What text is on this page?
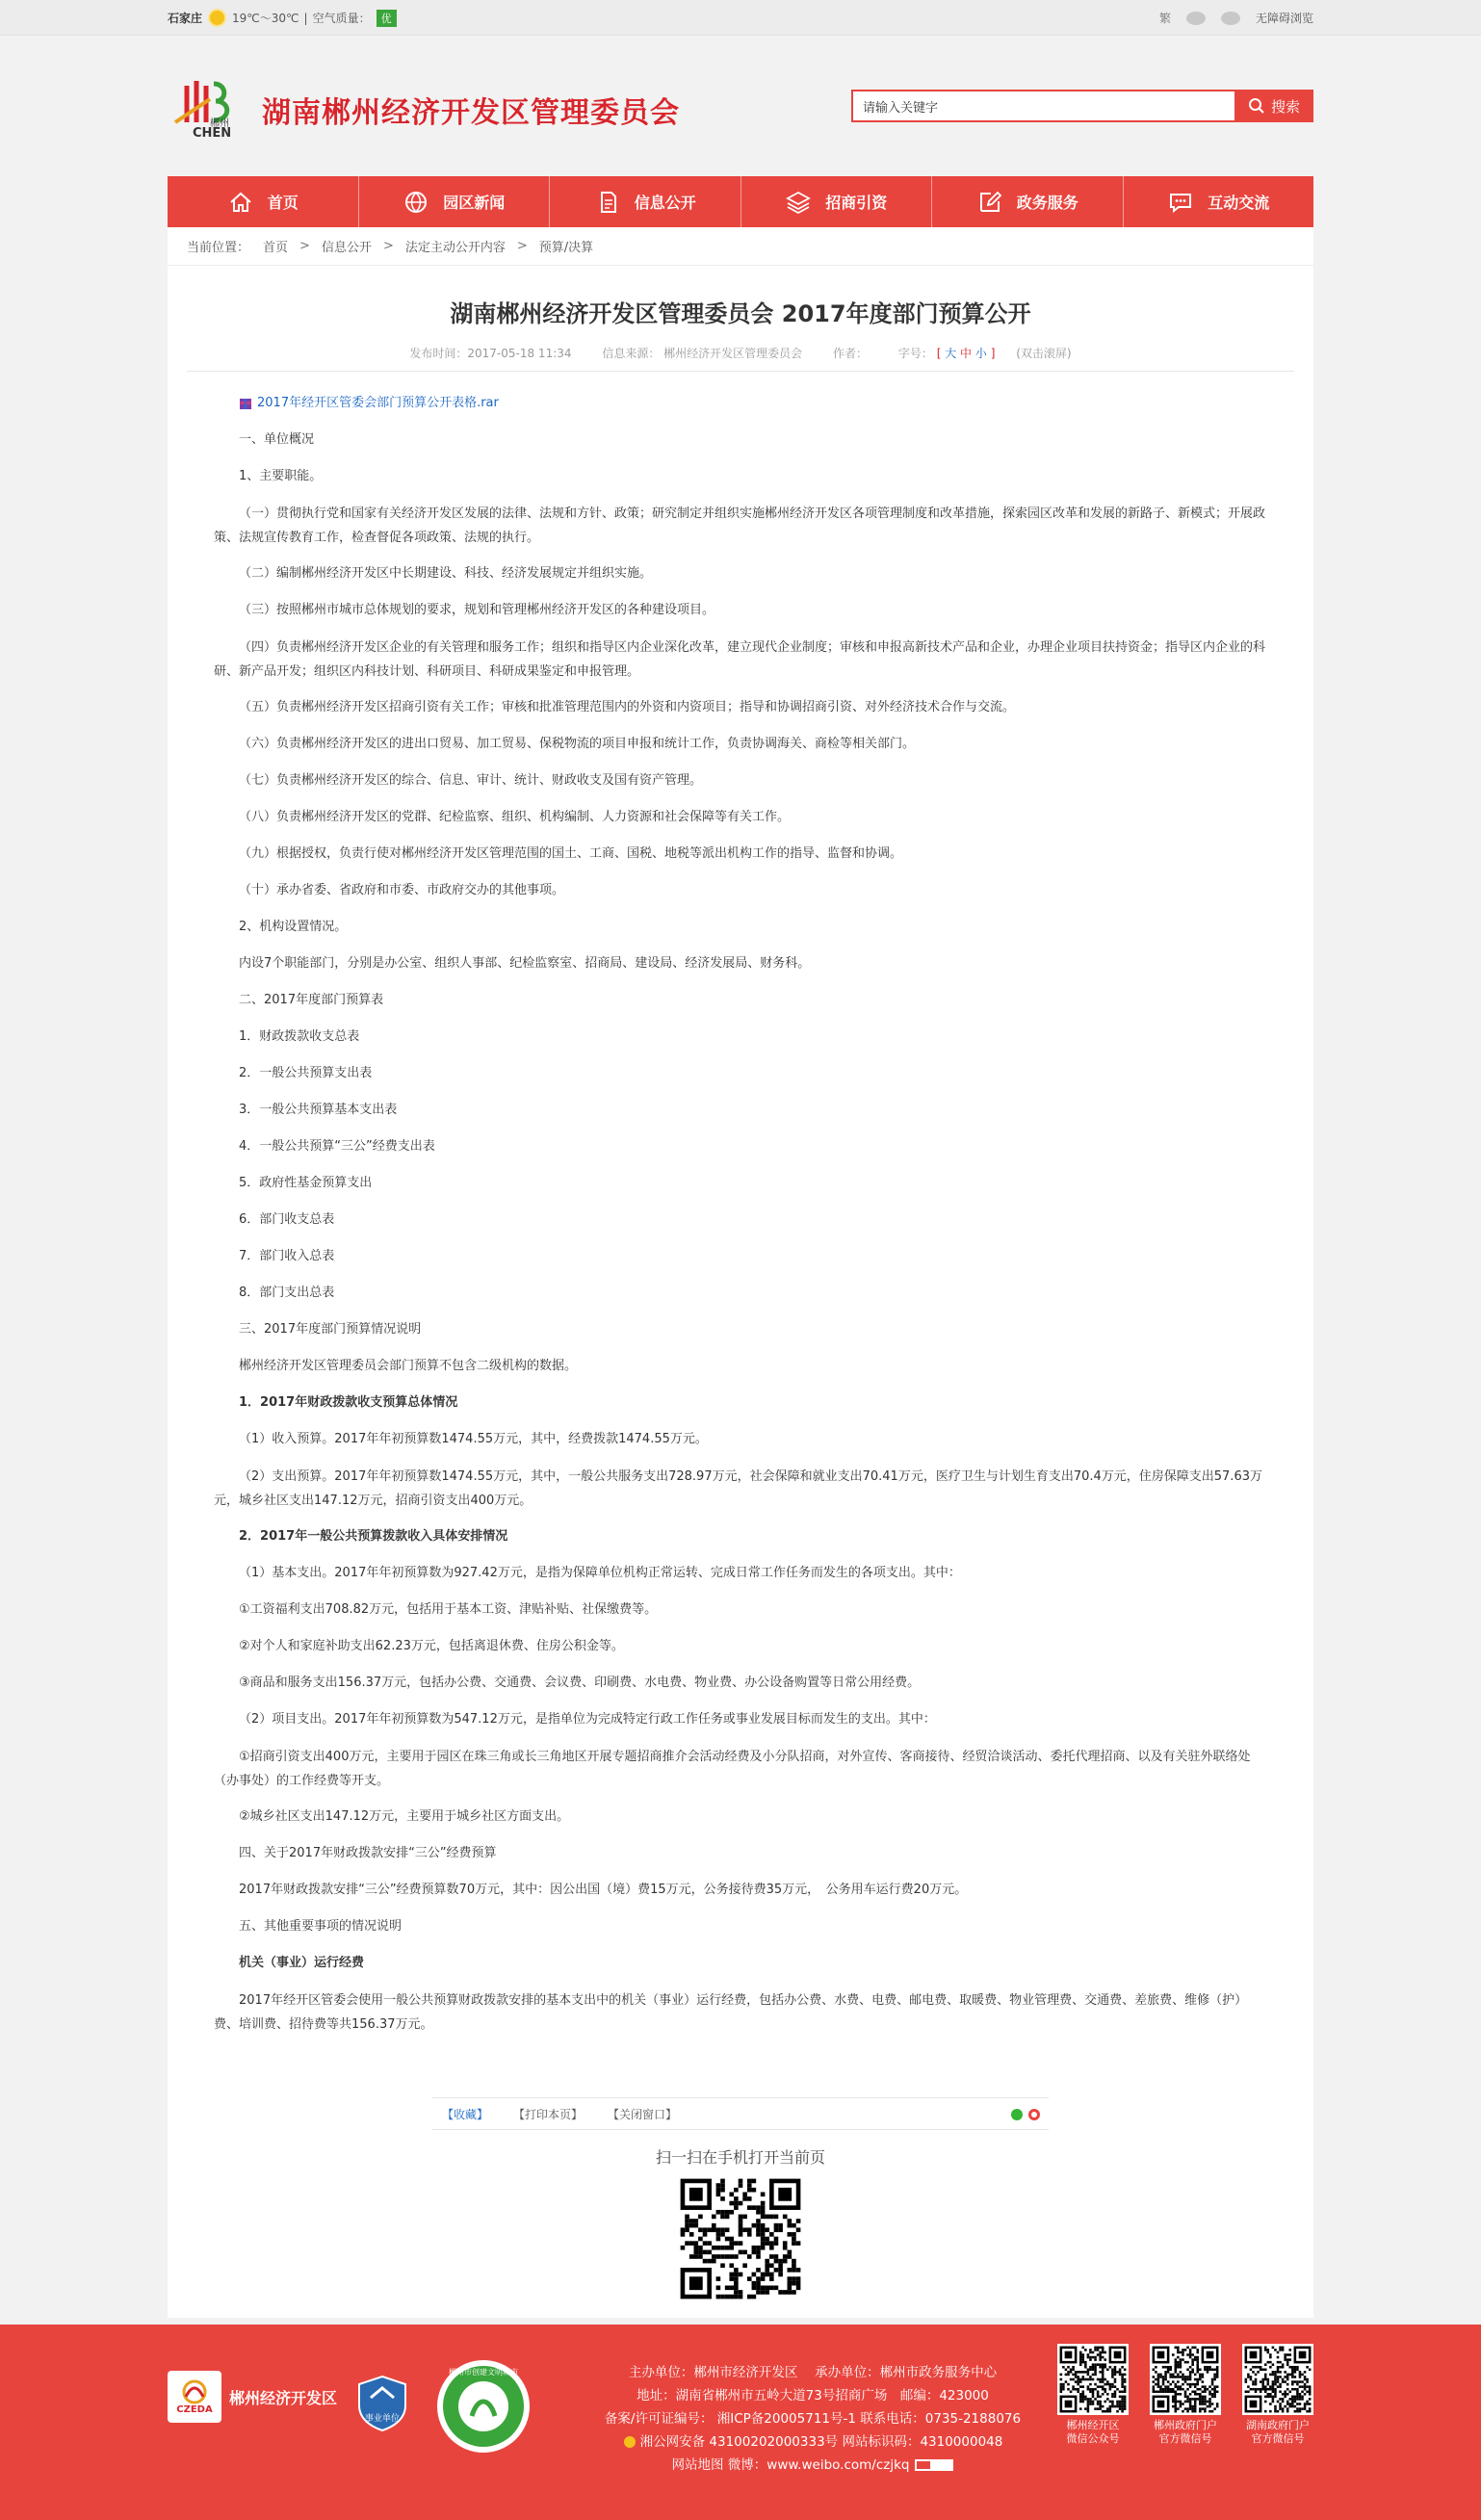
石家庄	19℃～30℃ | 空气质量：	优	繁	无障碍浏览
郴州
CHEN
湖南郴州经济开发区管理委员会
请输入关键字	搜索
首页	园区新闻	信息公开	招商引资	政务服务	互动交流
当前位置： 首页 > 信息公开 > 法定主动公开内容 > 预算/决算
湖南郴州经济开发区管理委员会 2017年度部门预算公开
发布时间：2017-05-18 11:34	信息来源： 郴州经济开发区管理委员会	作者：	字号： [ 大 中 小 ] (双击滚屏)

2017年经开区管委会部门预算公开表格.rar

一、单位概况

1、主要职能。

（一）贯彻执行党和国家有关经济开发区发展的法律、法规和方针、政策；研究制定并组织实施郴州经济开发区各项管理制度和改革措施，探索园区改革和发展的新路子、新模式；开展政策、法规宣传教育工作，检查督促各项政策、法规的执行。

（二）编制郴州经济开发区中长期建设、科技、经济发展规定并组织实施。

（三）按照郴州市城市总体规划的要求，规划和管理郴州经济开发区的各种建设项目。

（四）负责郴州经济开发区企业的有关管理和服务工作；组织和指导区内企业深化改革，建立现代企业制度；审核和申报高新技术产品和企业，办理企业项目扶持资金；指导区内企业的科研、新产品开发；组织区内科技计划、科研项目、科研成果鉴定和申报管理。

（五）负责郴州经济开发区招商引资有关工作；审核和批准管理范围内的外资和内资项目；指导和协调招商引资、对外经济技术合作与交流。

（六）负责郴州经济开发区的进出口贸易、加工贸易、保税物流的项目申报和统计工作，负责协调海关、商检等相关部门。

（七）负责郴州经济开发区的综合、信息、审计、统计、财政收支及国有资产管理。

（八）负责郴州经济开发区的党群、纪检监察、组织、机构编制、人力资源和社会保障等有关工作。

（九）根据授权，负责行使对郴州经济开发区管理范围的国土、工商、国税、地税等派出机构工作的指导、监督和协调。

（十）承办省委、省政府和市委、市政府交办的其他事项。

2、机构设置情况。

内设7个职能部门，分别是办公室、组织人事部、纪检监察室、招商局、建设局、经济发展局、财务科。

二、2017年度部门预算表

1．财政拨款收支总表

2．一般公共预算支出表

3．一般公共预算基本支出表

4．一般公共预算“三公”经费支出表

5．政府性基金预算支出

6．部门收支总表

7．部门收入总表

8．部门支出总表

三、2017年度部门预算情况说明

郴州经济开发区管理委员会部门预算不包含二级机构的数据。

1．2017年财政拨款收支预算总体情况

（1）收入预算。2017年年初预算数1474.55万元，其中，经费拨款1474.55万元。

（2）支出预算。2017年年初预算数1474.55万元，其中，一般公共服务支出728.97万元，社会保障和就业支出70.41万元，医疗卫生与计划生育支出70.4万元，住房保障支出57.63万元，城乡社区支出147.12万元，招商引资支出400万元。

2．2017年一般公共预算拨款收入具体安排情况

（1）基本支出。2017年年初预算数为927.42万元，是指为保障单位机构正常运转、完成日常工作任务而发生的各项支出。其中：

①工资福利支出708.82万元，包括用于基本工资、津贴补贴、社保缴费等。

②对个人和家庭补助支出62.23万元，包括离退休费、住房公积金等。

③商品和服务支出156.37万元，包括办公费、交通费、会议费、印刷费、水电费、物业费、办公设备购置等日常公用经费。

（2）项目支出。2017年年初预算数为547.12万元，是指单位为完成特定行政工作任务或事业发展目标而发生的支出。其中：

①招商引资支出400万元，主要用于园区在珠三角或长三角地区开展专题招商推介会活动经费及小分队招商，对外宣传、客商接待、经贸洽谈活动、委托代理招商、以及有关驻外联络处（办事处）的工作经费等开支。

②城乡社区支出147.12万元，主要用于城乡社区方面支出。

四、关于2017年财政拨款安排“三公”经费预算

2017年财政拨款安排“三公”经费预算数70万元，其中：因公出国（境）费15万元，公务接待费35万元，　公务用车运行费20万元。

五、其他重要事项的情况说明

机关（事业）运行经费

2017年经开区管委会使用一般公共预算财政拨款安排的基本支出中的机关（事业）运行经费，包括办公费、水费、电费、邮电费、取暖费、物业管理费、交通费、差旅费、维修（护）费、培训费、招待费等共156.37万元。

【收藏】 【打印本页】 【关闭窗口】
扫一扫在手机打开当前页
CZEDA
郴州经济开发区
事业单位
郴州市创建文明城市	主办单位：郴州市经济开发区　 承办单位：郴州市政务服务中心
地址：湖南省郴州市五岭大道73号招商广场　邮编：423000
备案/许可证编号： 湘ICP备20005711号-1 联系电话：0735-2188076
湘公网安备 43100202000333号 网站标识码：4310000048
网站地图 微博：www.weibo.com/czjkq
郴州经开区
微信公众号
郴州政府门户
官方微信号
湖南政府门户
官方微信号
